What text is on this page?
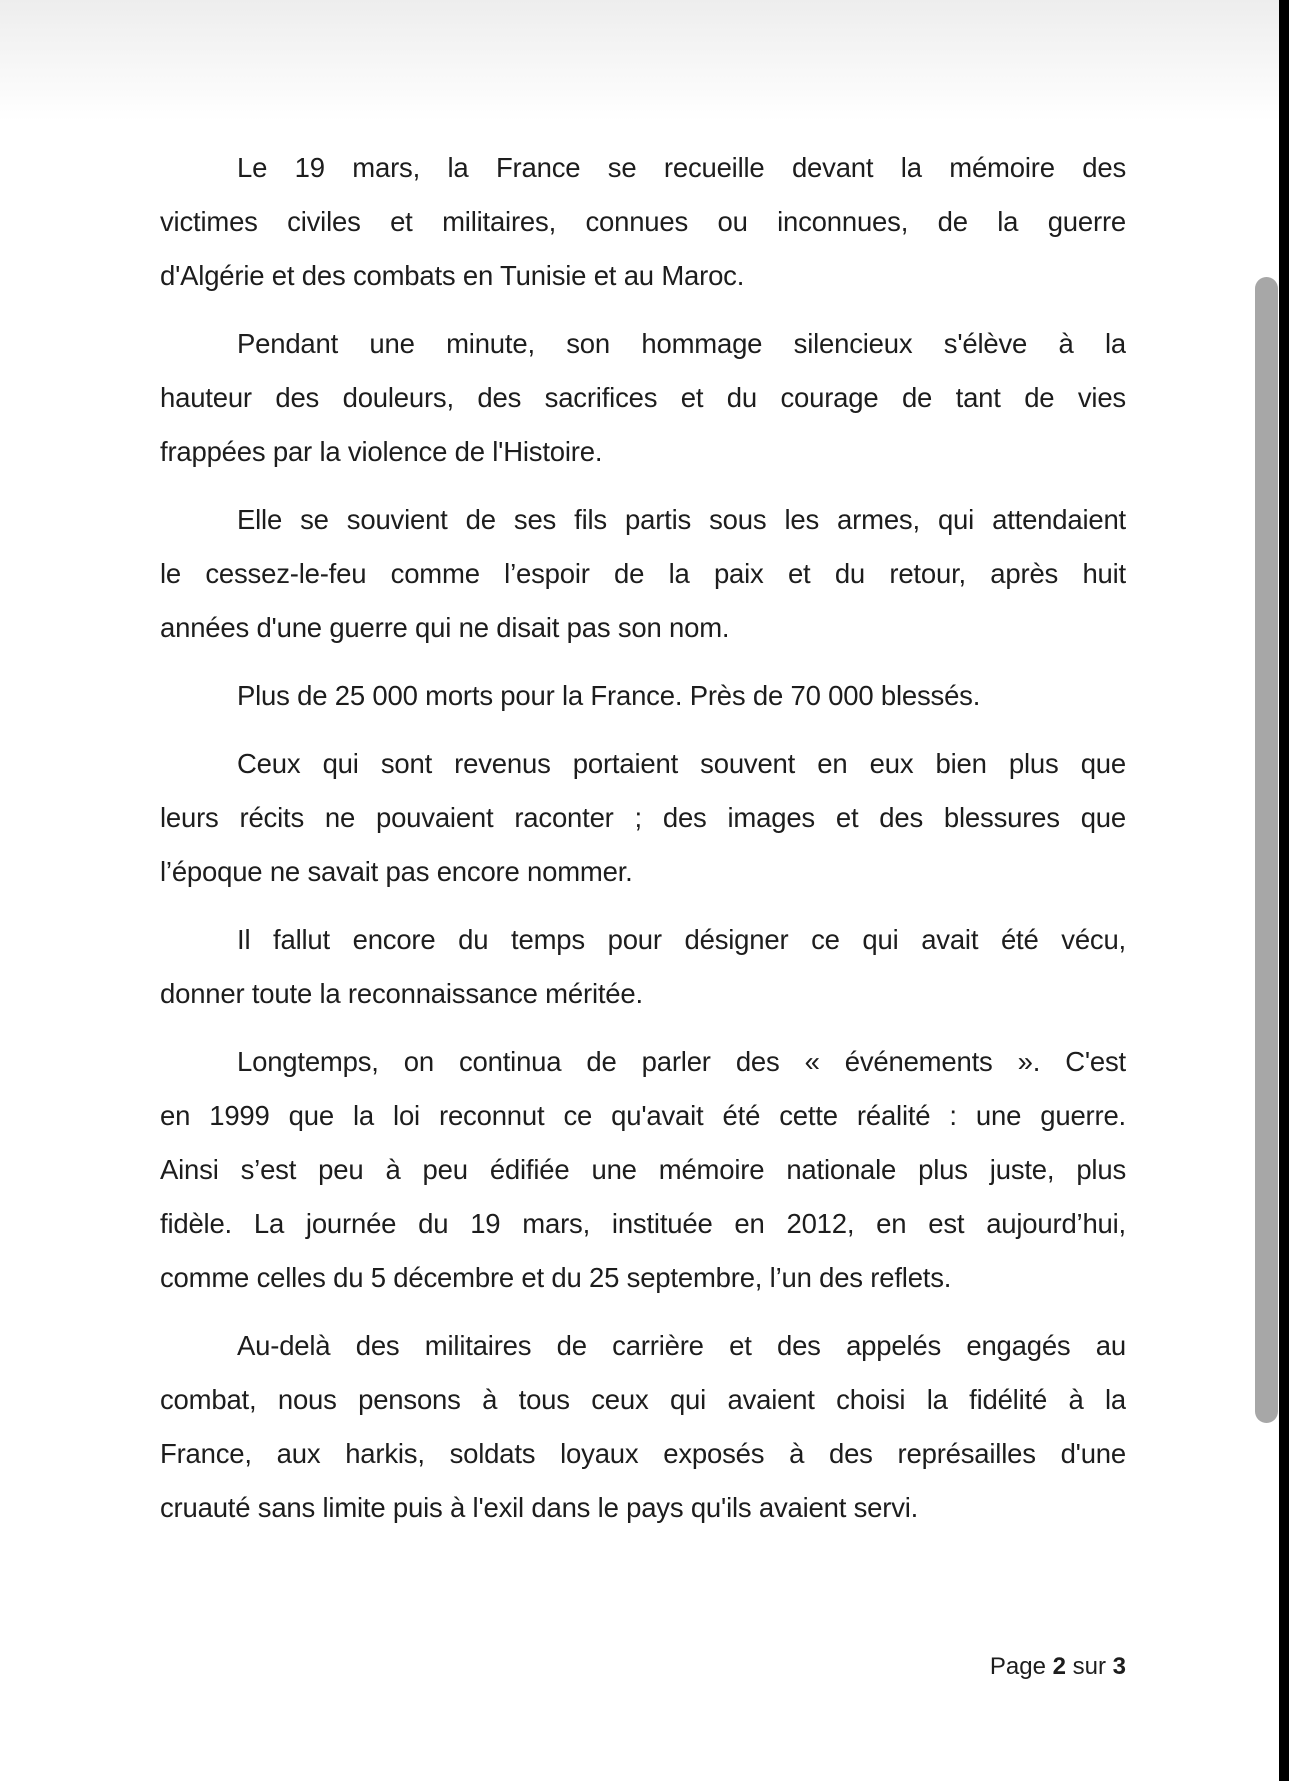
Le 19 mars, la France se recueille devant la mémoire des
victimes civiles et militaires, connues ou inconnues, de la guerre
d'Algérie et des combats en Tunisie et au Maroc.
Pendant une minute, son hommage silencieux s'élève à la
hauteur des douleurs, des sacrifices et du courage de tant de vies
frappées par la violence de l'Histoire.
Elle se souvient de ses fils partis sous les armes, qui attendaient
le cessez-le-feu comme l’espoir de la paix et du retour, après huit
années d'une guerre qui ne disait pas son nom.
Plus de 25 000 morts pour la France. Près de 70 000 blessés.
Ceux qui sont revenus portaient souvent en eux bien plus que
leurs récits ne pouvaient raconter ; des images et des blessures que
l’époque ne savait pas encore nommer.
Il fallut encore du temps pour désigner ce qui avait été vécu,
donner toute la reconnaissance méritée.
Longtemps, on continua de parler des « événements ». C'est
en 1999 que la loi reconnut ce qu'avait été cette réalité : une guerre.
Ainsi s’est peu à peu édifiée une mémoire nationale plus juste, plus
fidèle. La journée du 19 mars, instituée en 2012, en est aujourd’hui,
comme celles du 5 décembre et du 25 septembre, l’un des reflets.
Au-delà des militaires de carrière et des appelés engagés au
combat, nous pensons à tous ceux qui avaient choisi la fidélité à la
France, aux harkis, soldats loyaux exposés à des représailles d'une
cruauté sans limite puis à l'exil dans le pays qu'ils avaient servi.
Page 2 sur 3
